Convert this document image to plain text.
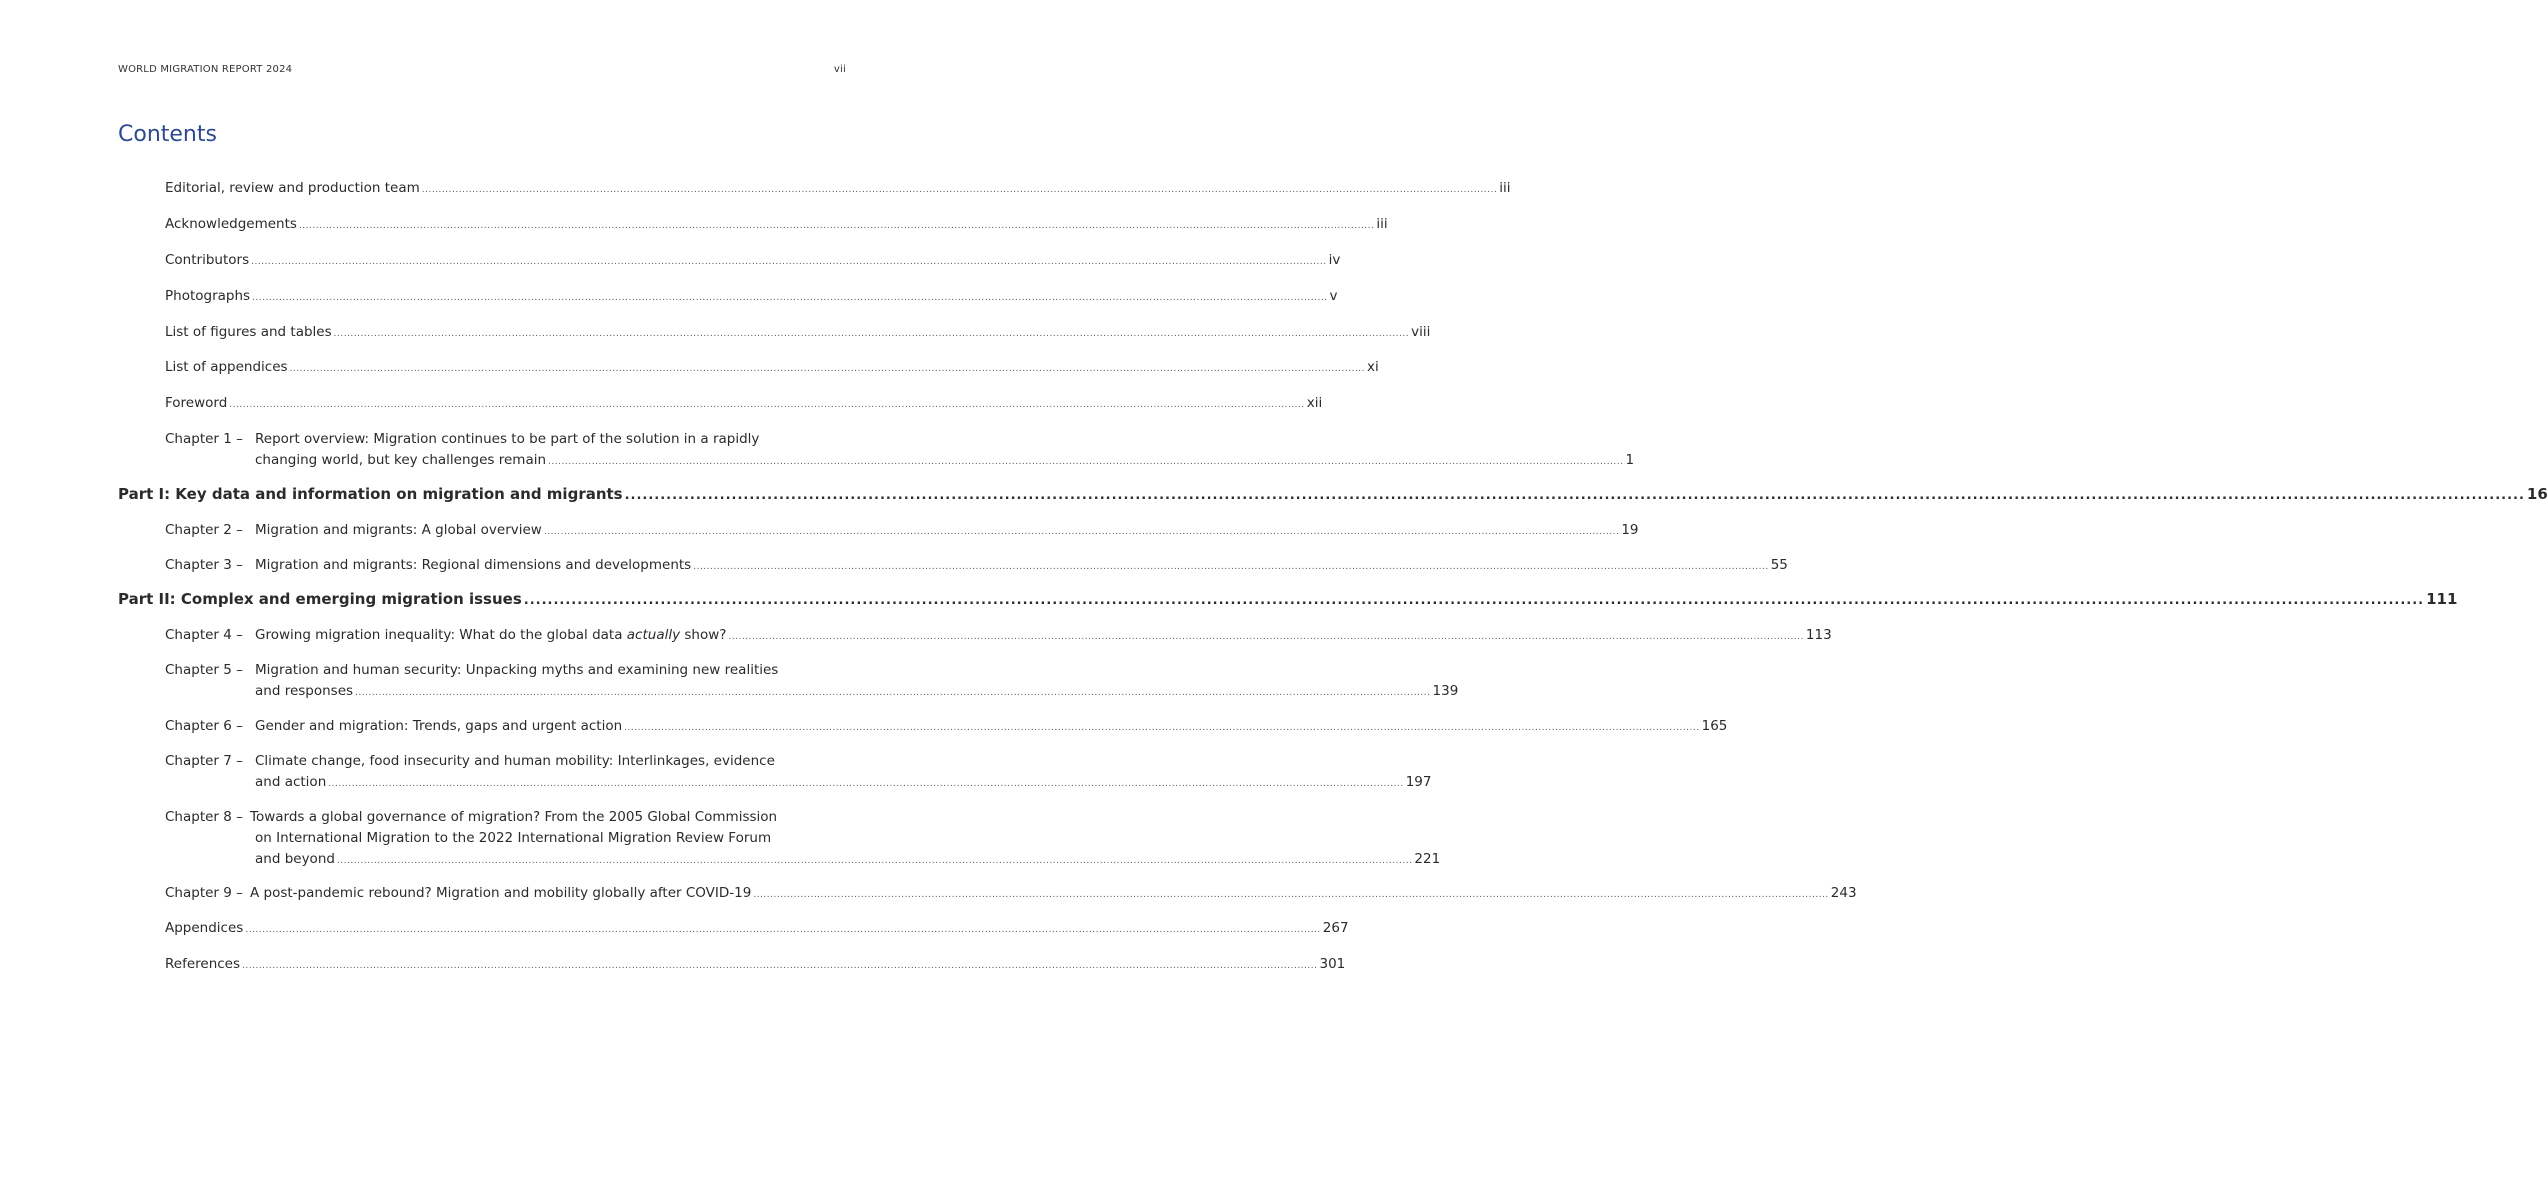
WORLD MIGRATION REPORT 2024	vii
Contents
Editorial, review and production team ................................................................................................................................................................................................................................................................................................................................ iii
Acknowledgements ................................................................................................................................................................................................................................................................................................................................ iii
Contributors ................................................................................................................................................................................................................................................................................................................................ iv
Photographs ................................................................................................................................................................................................................................................................................................................................ v
List of figures and tables ................................................................................................................................................................................................................................................................................................................................ viii
List of appendices ................................................................................................................................................................................................................................................................................................................................ xi
Foreword ................................................................................................................................................................................................................................................................................................................................ xii
Chapter 1 – Report overview: Migration continues to be part of the solution in a rapidly
changing world, but key challenges remain ................................................................................................................................................................................................................................................................................................................................ 1
Part I: Key data and information on migration and migrants ................................................................................................................................................................................................................................................................................................................................ 16
Chapter 2 – Migration and migrants: A global overview ................................................................................................................................................................................................................................................................................................................................ 19
Chapter 3 – Migration and migrants: Regional dimensions and developments ................................................................................................................................................................................................................................................................................................................................ 55
Part II: Complex and emerging migration issues ................................................................................................................................................................................................................................................................................................................................ 111
Chapter 4 – Growing migration inequality: What do the global data actually show? ................................................................................................................................................................................................................................................................................................................................ 113
Chapter 5 – Migration and human security: Unpacking myths and examining new realities
and responses ................................................................................................................................................................................................................................................................................................................................ 139
Chapter 6 – Gender and migration: Trends, gaps and urgent action ................................................................................................................................................................................................................................................................................................................................ 165
Chapter 7 – Climate change, food insecurity and human mobility: Interlinkages, evidence
and action ................................................................................................................................................................................................................................................................................................................................ 197
Chapter 8 – Towards a global governance of migration? From the 2005 Global Commission
on International Migration to the 2022 International Migration Review Forum
and beyond ................................................................................................................................................................................................................................................................................................................................ 221
Chapter 9 – A post-pandemic rebound? Migration and mobility globally after COVID-19 ................................................................................................................................................................................................................................................................................................................................ 243
Appendices ................................................................................................................................................................................................................................................................................................................................ 267
References ................................................................................................................................................................................................................................................................................................................................ 301
